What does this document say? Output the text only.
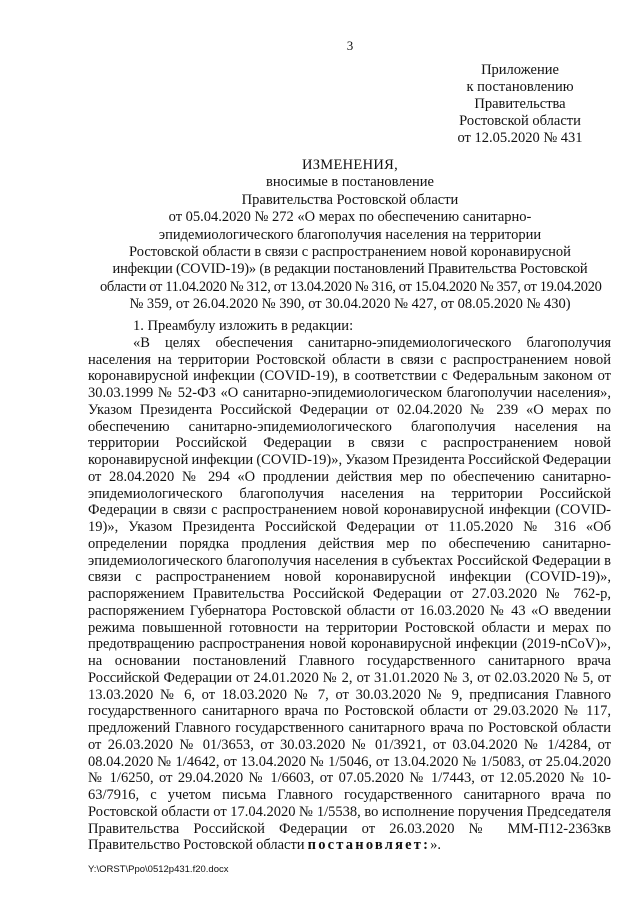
3
Приложение
к постановлению
Правительства
Ростовской области
от 12.05.2020 № 431
ИЗМЕНЕНИЯ,
вносимые в постановление
Правительства Ростовской области
от 05.04.2020 № 272 «О мерах по обеспечению санитарно-
эпидемиологического благополучия населения на территории
Ростовской области в связи с распространением новой коронавирусной
инфекции (COVID-19)» (в редакции постановлений Правительства Ростовской
области от 11.04.2020 № 312, от 13.04.2020 № 316, от 15.04.2020 № 357, от 19.04.2020
№ 359, от 26.04.2020 № 390, от 30.04.2020 № 427, от 08.05.2020 № 430)

1. Преамбулу изложить в редакции:

«В целях обеспечения санитарно-эпидемиологического благополучия населения на территории Ростовской области в связи с распространением новой коронавирусной инфекции (COVID-19), в соответствии с Федеральным законом от 30.03.1999 № 52-ФЗ «О санитарно-эпидемиологическом благополучии населения», Указом Президента Российской Федерации от 02.04.2020 № 239 «О мерах по обеспечению санитарно-эпидемиологического благополучия населения на территории Российской Федерации в связи с распространением новой коронавирусной инфекции (COVID-19)», Указом Президента Российской Федерации от 28.04.2020 № 294 «О продлении действия мер по обеспечению санитарно-эпидемиологического благополучия населения на территории Российской Федерации в связи с распространением новой коронавирусной инфекции (COVID-19)», Указом Президента Российской Федерации от 11.05.2020 № 316 «Об определении порядка продления действия мер по обеспечению санитарно-эпидемиологического благополучия населения в субъектах Российской Федерации в связи с распространением новой коронавирусной инфекции (COVID-19)», распоряжением Правительства Российской Федерации от 27.03.2020 № 762-р, распоряжением Губернатора Ростовской области от 16.03.2020 № 43 «О введении режима повышенной готовности на территории Ростовской области и мерах по предотвращению распространения новой коронавирусной инфекции (2019-nCoV)», на основании постановлений Главного государственного санитарного врача Российской Федерации от 24.01.2020 № 2, от 31.01.2020 № 3, от 02.03.2020 № 5, от 13.03.2020 № 6, от 18.03.2020 № 7, от 30.03.2020 № 9, предписания Главного государственного санитарного врача по Ростовской области от 29.03.2020 № 117, предложений Главного государственного санитарного врача по Ростовской области от 26.03.2020 № 01/3653, от 30.03.2020 № 01/3921, от 03.04.2020 № 1/4284, от 08.04.2020 № 1/4642, от 13.04.2020 № 1/5046, от 13.04.2020 № 1/5083, от 25.04.2020 № 1/6250, от 29.04.2020 № 1/6603, от 07.05.2020 № 1/7443, от 12.05.2020 № 10-63/7916, с учетом письма Главного государственного санитарного врача по Ростовской области от 17.04.2020 № 1/5538, во исполнение поручения Председателя Правительства Российской Федерации от 26.03.2020 № ММ-П12-2363кв Правительство Ростовской области постановляет:».

Y:\ORST\Ppo\0512p431.f20.docx
